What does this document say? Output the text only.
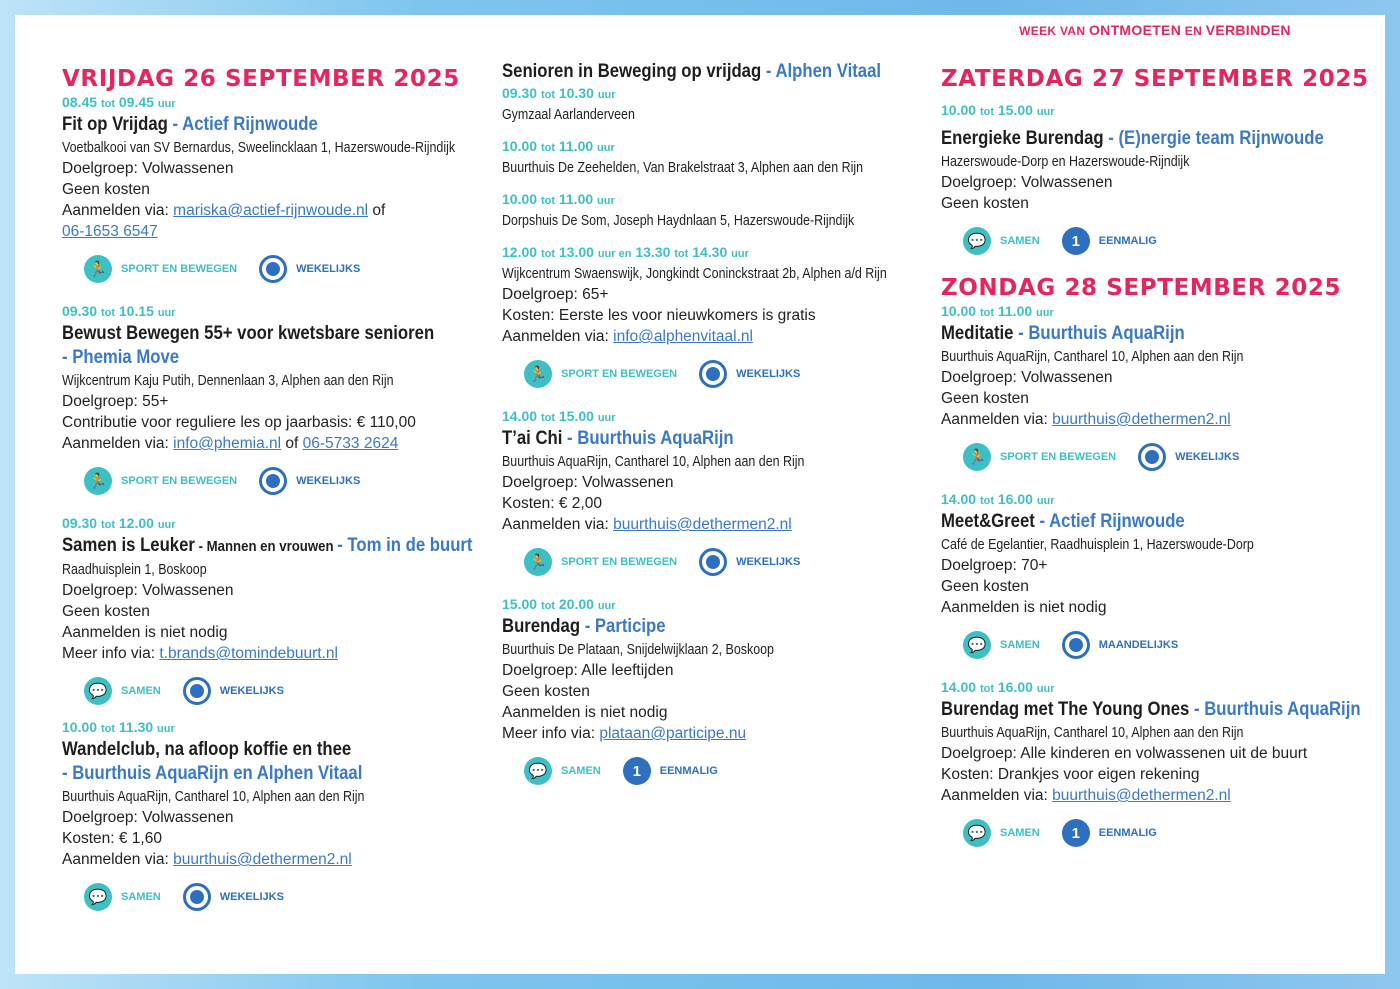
WEEK VAN ONTMOETEN EN VERBINDEN
VRIJDAG 26 SEPTEMBER 2025
08.45 tot 09.45 uur
Fit op Vrijdag - Actief Rijnwoude
Voetbalkooi van SV Bernardus, Sweelincklaan 1, Hazerswoude-Rijndijk
Doelgroep: Volwassenen
Geen kosten
Aanmelden via: mariska@actief-rijnwoude.nl of
06-1653 6547
🏃	SPORT EN BEWEGEN	WEKELIJKS
09.30 tot 10.15 uur
Bewust Bewegen 55+ voor kwetsbare senioren
- Phemia Move
Wijkcentrum Kaju Putih, Dennenlaan 3, Alphen aan den Rijn
Doelgroep: 55+
Contributie voor reguliere les op jaarbasis: € 110,00
Aanmelden via: info@phemia.nl of 06-5733 2624
🏃	SPORT EN BEWEGEN	WEKELIJKS
09.30 tot 12.00 uur
Samen is Leuker - Mannen en vrouwen - Tom in de buurt
Raadhuisplein 1, Boskoop
Doelgroep: Volwassenen
Geen kosten
Aanmelden is niet nodig
Meer info via: t.brands@tomindebuurt.nl
💬	SAMEN	WEKELIJKS
10.00 tot 11.30 uur
Wandelclub, na afloop koffie en thee
- Buurthuis AquaRijn en Alphen Vitaal
Buurthuis AquaRijn, Cantharel 10, Alphen aan den Rijn
Doelgroep: Volwassenen
Kosten: € 1,60
Aanmelden via: buurthuis@dethermen2.nl
💬	SAMEN	WEKELIJKS
Senioren in Beweging op vrijdag - Alphen Vitaal
09.30 tot 10.30 uur
Gymzaal Aarlanderveen
10.00 tot 11.00 uur
Buurthuis De Zeehelden, Van Brakelstraat 3, Alphen aan den Rijn
10.00 tot 11.00 uur
Dorpshuis De Som, Joseph Haydnlaan 5, Hazerswoude-Rijndijk
12.00 tot 13.00 uur en 13.30 tot 14.30 uur
Wijkcentrum Swaenswijk, Jongkindt Coninckstraat 2b, Alphen a/d Rijn
Doelgroep: 65+
Kosten: Eerste les voor nieuwkomers is gratis
Aanmelden via: info@alphenvitaal.nl
🏃	SPORT EN BEWEGEN	WEKELIJKS
14.00 tot 15.00 uur
T’ai Chi - Buurthuis AquaRijn
Buurthuis AquaRijn, Cantharel 10, Alphen aan den Rijn
Doelgroep: Volwassenen
Kosten: € 2,00
Aanmelden via: buurthuis@dethermen2.nl
🏃	SPORT EN BEWEGEN	WEKELIJKS
15.00 tot 20.00 uur
Burendag - Participe
Buurthuis De Plataan, Snijdelwijklaan 2, Boskoop
Doelgroep: Alle leeftijden
Geen kosten
Aanmelden is niet nodig
Meer info via: plataan@participe.nu
💬	SAMEN	1	EENMALIG
ZATERDAG 27 SEPTEMBER 2025
10.00 tot 15.00 uur
Energieke Burendag - (E)nergie team Rijnwoude
Hazerswoude-Dorp en Hazerswoude-Rijndijk
Doelgroep: Volwassenen
Geen kosten
💬	SAMEN	1	EENMALIG
ZONDAG 28 SEPTEMBER 2025
10.00 tot 11.00 uur
Meditatie - Buurthuis AquaRijn
Buurthuis AquaRijn, Cantharel 10, Alphen aan den Rijn
Doelgroep: Volwassenen
Geen kosten
Aanmelden via: buurthuis@dethermen2.nl
🏃	SPORT EN BEWEGEN	WEKELIJKS
14.00 tot 16.00 uur
Meet&Greet - Actief Rijnwoude
Café de Egelantier, Raadhuisplein 1, Hazerswoude-Dorp
Doelgroep: 70+
Geen kosten
Aanmelden is niet nodig
💬	SAMEN	MAANDELIJKS
14.00 tot 16.00 uur
Burendag met The Young Ones - Buurthuis AquaRijn
Buurthuis AquaRijn, Cantharel 10, Alphen aan den Rijn
Doelgroep: Alle kinderen en volwassenen uit de buurt
Kosten: Drankjes voor eigen rekening
Aanmelden via: buurthuis@dethermen2.nl
💬	SAMEN	1	EENMALIG
